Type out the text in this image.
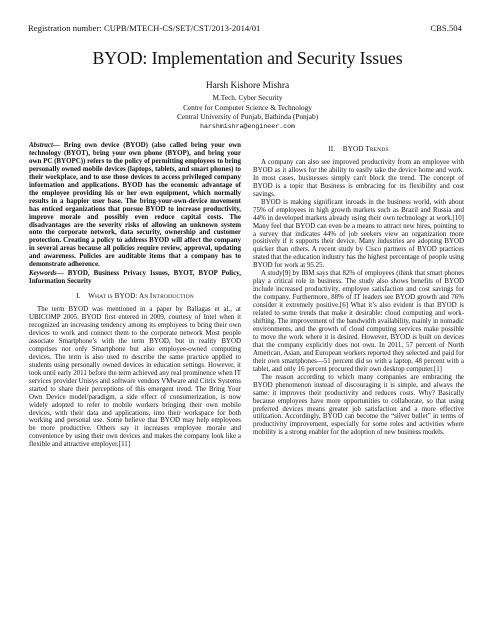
Registration number: CUPB/MTECH-CS/SET/CST/2013-2014/01	CBS.504
BYOD: Implementation and Security Issues
Harsh Kishore Mishra
M.Tech. Cyber Security
Centre for Computer Science & Technology
Central University of Punjab, Bathinda (Punjab)
harshmishra@engineer.com

Abstract— Bring own device (BYOD) (also called bring your own technology (BYOT), bring your own phone (BYOP), and bring your own PC (BYOPC)) refers to the policy of permitting employees to bring personally owned mobile devices (laptops, tablets, and smart phones) to their workplace, and to use those devices to access privileged company information and applications. BYOD has the economic advantage of the employee providing his or her own equipment, which normally results in a happier user base. The bring-your-own-device movement has enticed organizations that pursue BYOD to increase productivity, improve morale and possibly even reduce capital costs. The disadvantages are the severity risks of allowing an unknown system onto the corporate network, data security, ownership and customer protection. Creating a policy to address BYOD will affect the company in several areas because all policies require review, approval, updating and awareness. Policies are auditable items that a company has to demonstrate adherence.

Keywords— BYOD, Business Privacy Issues, BYOT, BYOP Policy, Information Security

I. WHAT IS BYOD: AN INTRODUCTION

The term BYOD was mentioned in a paper by Ballagas et al., at UBICOMP 2005. BYOD first entered in 2009, courtesy of Intel when it recognized an increasing tendency among its employees to bring their own devices to work and connect them to the corporate network Most people associate Smartphone’s with the term BYOD, but in reality BYOD comprises not only Smartphone but also employee-owned computing devices. The term is also used to describe the same practice applied to students using personally owned devices in education settings. However, it took until early 2011 before the term achieved any real prominence when IT services provider Unisys and software vendors VMware and Citrix Systems started to share their perceptions of this emergent trend. The Bring Your Own Device model/paradigm, a side effect of consumerization, is now widely adopted to refer to mobile workers bringing their own mobile devices, with their data and applications, into their workspace for both working and personal use. Some believe that BYOD may help employees be more productive. Others say it increases employee morale and convenience by using their own devices and makes the company look like a flexible and attractive employer.[11]

II. BYOD TRENDS

A company can also see improved productivity from an employee with BYOD as it allows for the ability to easily take the device home and work. In most cases, businesses simply can't block the trend. The concept of BYOD is a topic that Business is embracing for its flexibility and cost savings.

BYOD is making significant inroads in the business world, with about 75% of employees in high growth markets such as Brazil and Russia and 44% in developed markets already using their own technology at work.[10] Many feel that BYOD can even be a means to attract new hires, pointing to a survey that indicates 44% of job seekers view an organization more positively if it supports their device. Many industries are adopting BYOD quicker than others. A recent study by Cisco partners of BYOD practices stated that the education industry has the highest percentage of people using BYOD for work at 95.25.

A study[9] by IBM says that 82% of employees (think that smart phones play a critical role in business. The study also shows benefits of BYOD include increased productivity, employee satisfaction and cost savings for the company. Furthermore, 88% of IT leaders see BYOD growth and 76% consider it extremely positive.[6] What it’s also evident is that BYOD is related to some trends that make it desirable: cloud computing and work-shifting. The improvement of the bandwidth availability, mainly in nomadic environments, and the growth of cloud computing services make possible to move the work where it is desired. However, BYOD is built on devices that the company explicitly does not own. In 2011, 57 percent of North American, Asian, and European workers reported they selected and paid for their own smartphones—51 percent did so with a laptop, 48 percent with a tablet, and only 16 percent procured their own desktop computer.[1]

The reason according to which many companies are embracing the BYOD phenomenon instead of discouraging it is simple, and always the same: it improves their productivity and reduces costs. Why? Basically because employees have more opportunities to collaborate, so that using preferred devices means greater job satisfaction and a more effective utilization. Accordingly, BYOD can become the “silver bullet” in terms of productivity improvement, especially for some roles and activities where mobility is a strong enabler for the adoption of new business models.
